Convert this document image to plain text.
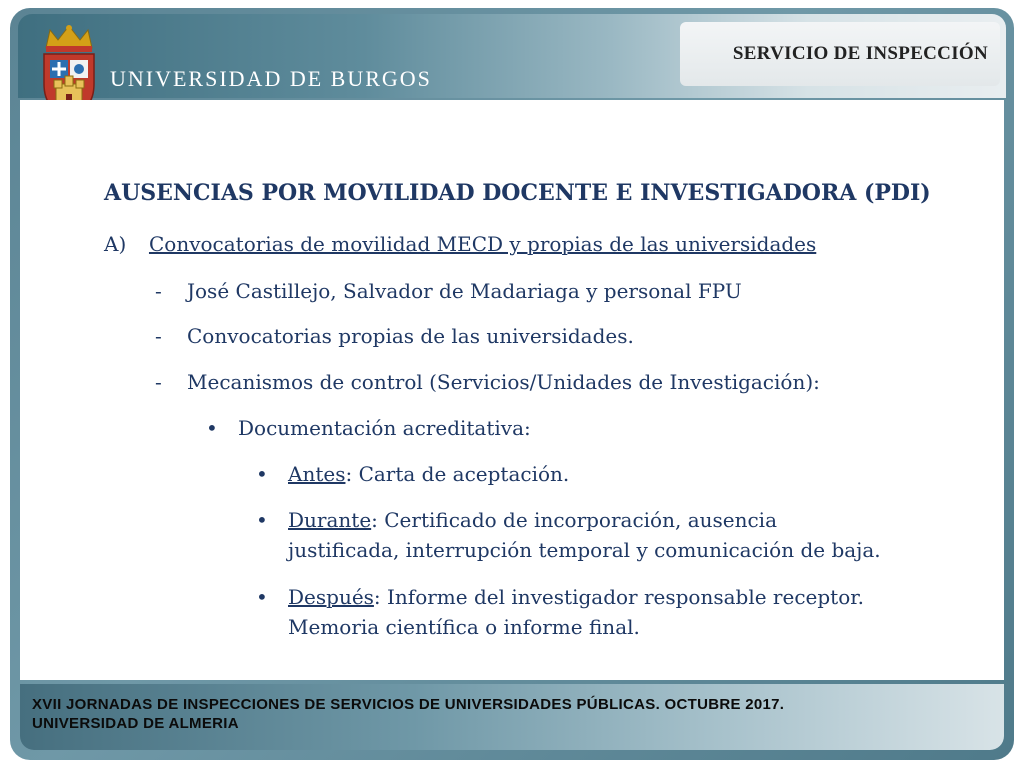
SERVICIO DE INSPECCIÓN
UNIVERSIDAD DE BURGOS
AUSENCIAS POR MOVILIDAD DOCENTE E INVESTIGADORA (PDI)
A) Convocatorias de movilidad MECD y propias de las universidades
- José Castillejo, Salvador de Madariaga y personal FPU
- Convocatorias propias de las universidades.
- Mecanismos de control (Servicios/Unidades de Investigación):
• Documentación acreditativa:
• Antes: Carta de aceptación.
• Durante: Certificado de incorporación, ausencia
justificada, interrupción temporal y comunicación de baja.
• Después: Informe del investigador responsable receptor.
Memoria científica o informe final.
XVII JORNADAS DE INSPECCIONES DE SERVICIOS DE UNIVERSIDADES PÚBLICAS. OCTUBRE 2017.
UNIVERSIDAD DE ALMERIA
